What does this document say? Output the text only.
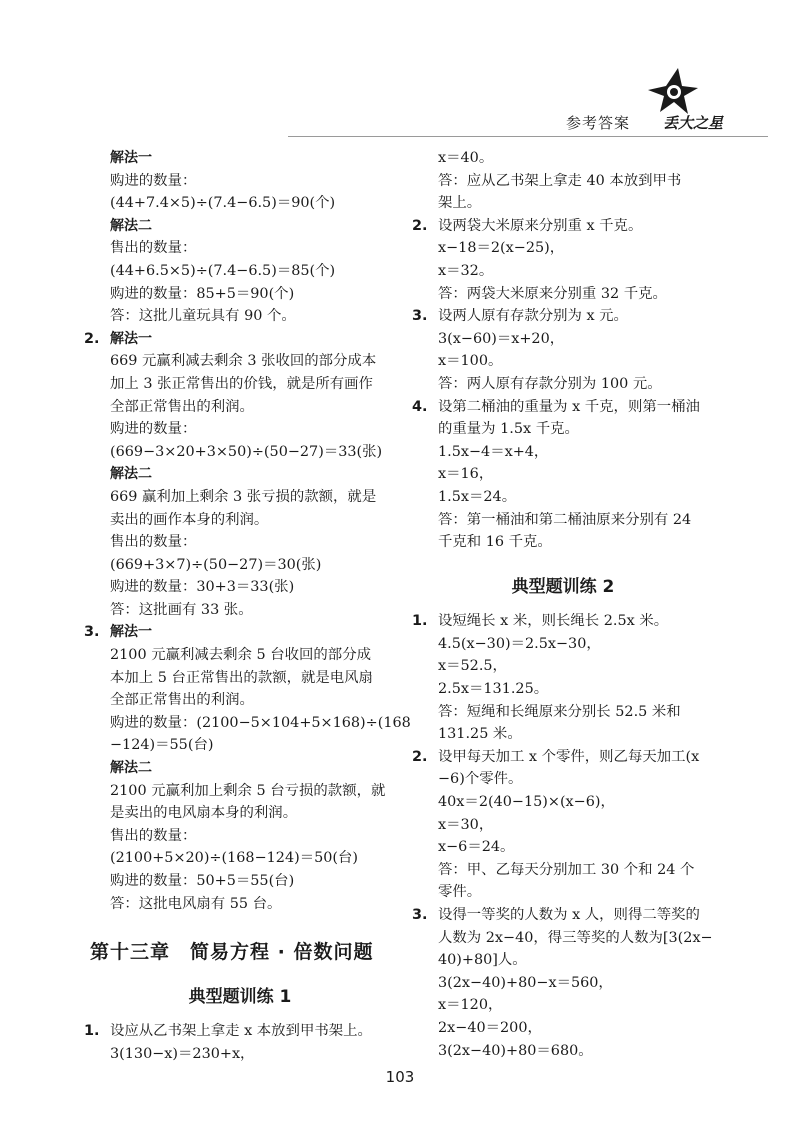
参考答案 丢大之星
解法一
购进的数量：
(44+7.4×5)÷(7.4−6.5)＝90(个)
解法二
售出的数量：
(44+6.5×5)÷(7.4−6.5)＝85(个)
购进的数量：85+5＝90(个)
答：这批儿童玩具有 90 个。
2. 解法一
669 元赢利减去剩余 3 张收回的部分成本
加上 3 张正常售出的价钱，就是所有画作
全部正常售出的利润。
购进的数量：
(669−3×20+3×50)÷(50−27)＝33(张)
解法二
669 赢利加上剩余 3 张亏损的款额，就是
卖出的画作本身的利润。
售出的数量：
(669+3×7)÷(50−27)＝30(张)
购进的数量：30+3＝33(张)
答：这批画有 33 张。
3. 解法一
2100 元赢利减去剩余 5 台收回的部分成
本加上 5 台正常售出的款额，就是电风扇
全部正常售出的利润。
购进的数量：(2100−5×104+5×168)÷(168
−124)＝55(台)
解法二
2100 元赢利加上剩余 5 台亏损的款额，就
是卖出的电风扇本身的利润。
售出的数量：
(2100+5×20)÷(168−124)＝50(台)
购进的数量：50+5＝55(台)
答：这批电风扇有 55 台。
第十三章　简易方程 · 倍数问题
典型题训练 1
1. 设应从乙书架上拿走 x 本放到甲书架上。
3(130−x)＝230+x，
x＝40。
答：应从乙书架上拿走 40 本放到甲书
架上。
2. 设两袋大米原来分别重 x 千克。
x−18＝2(x−25)，
x＝32。
答：两袋大米原来分别重 32 千克。
3. 设两人原有存款分别为 x 元。
3(x−60)＝x+20，
x＝100。
答：两人原有存款分别为 100 元。
4. 设第二桶油的重量为 x 千克，则第一桶油
的重量为 1.5x 千克。
1.5x−4＝x+4，
x＝16，
1.5x＝24。
答：第一桶油和第二桶油原来分别有 24
千克和 16 千克。
典型题训练 2
1. 设短绳长 x 米，则长绳长 2.5x 米。
4.5(x−30)＝2.5x−30，
x＝52.5，
2.5x＝131.25。
答：短绳和长绳原来分别长 52.5 米和
131.25 米。
2. 设甲每天加工 x 个零件，则乙每天加工(x
−6)个零件。
40x＝2(40−15)×(x−6)，
x＝30，
x−6＝24。
答：甲、乙每天分别加工 30 个和 24 个
零件。
3. 设得一等奖的人数为 x 人，则得二等奖的
人数为 2x−40，得三等奖的人数为[3(2x−
40)+80]人。
3(2x−40)+80−x＝560，
x＝120，
2x−40＝200，
3(2x−40)+80＝680。
103
